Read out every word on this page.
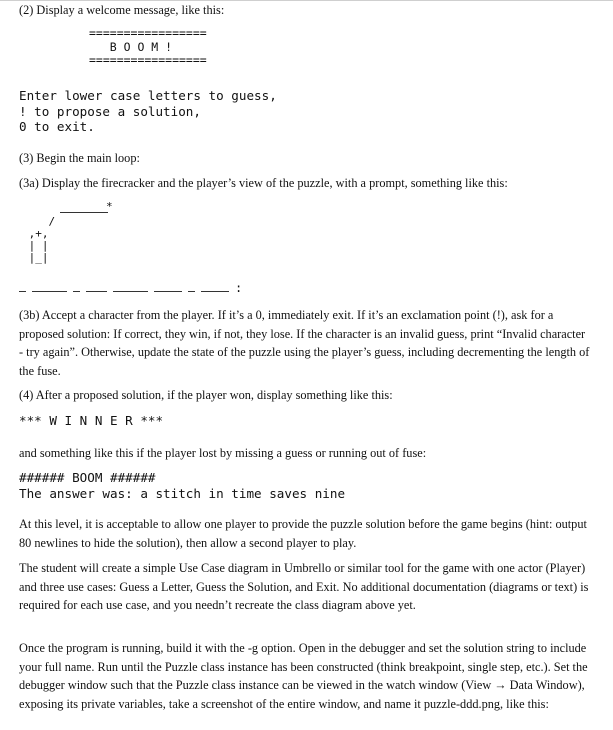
(2) Display a welcome message, like this:

=================
B O O M !
=================
Enter lower case letters to guess,
! to propose a solution,
0 to exit.

(3) Begin the main loop:

(3a) Display the firecracker and the player’s view of the puzzle, with a prompt, something like this:

*
/
,+,
| |
|_|
:

(3b) Accept a character from the player. If it’s a 0, immediately exit. If it’s an exclamation point (!), ask for a proposed solution: If correct, they win, if not, they lose. If the character is an invalid guess, print “Invalid character - try again”. Otherwise, update the state of the puzzle using the player’s guess, including decrementing the length of the fuse.

(4) After a proposed solution, if the player won, display something like this:

*** W I N N E R ***

and something like this if the player lost by missing a guess or running out of fuse:

###### BOOM ######
The answer was: a stitch in time saves nine

At this level, it is acceptable to allow one player to provide the puzzle solution before the game begins (hint: output 80 newlines to hide the solution), then allow a second player to play.

The student will create a simple Use Case diagram in Umbrello or similar tool for the game with one actor (Player) and three use cases: Guess a Letter, Guess the Solution, and Exit. No additional documentation (diagrams or text) is required for each use case, and you needn’t recreate the class diagram above yet.

Once the program is running, build it with the -g option. Open in the debugger and set the solution string to include your full name. Run until the Puzzle class instance has been constructed (think breakpoint, single step, etc.). Set the debugger window such that the Puzzle class instance can be viewed in the watch window (View → Data Window), exposing its private variables, take a screenshot of the entire window, and name it puzzle-ddd.png, like this:
